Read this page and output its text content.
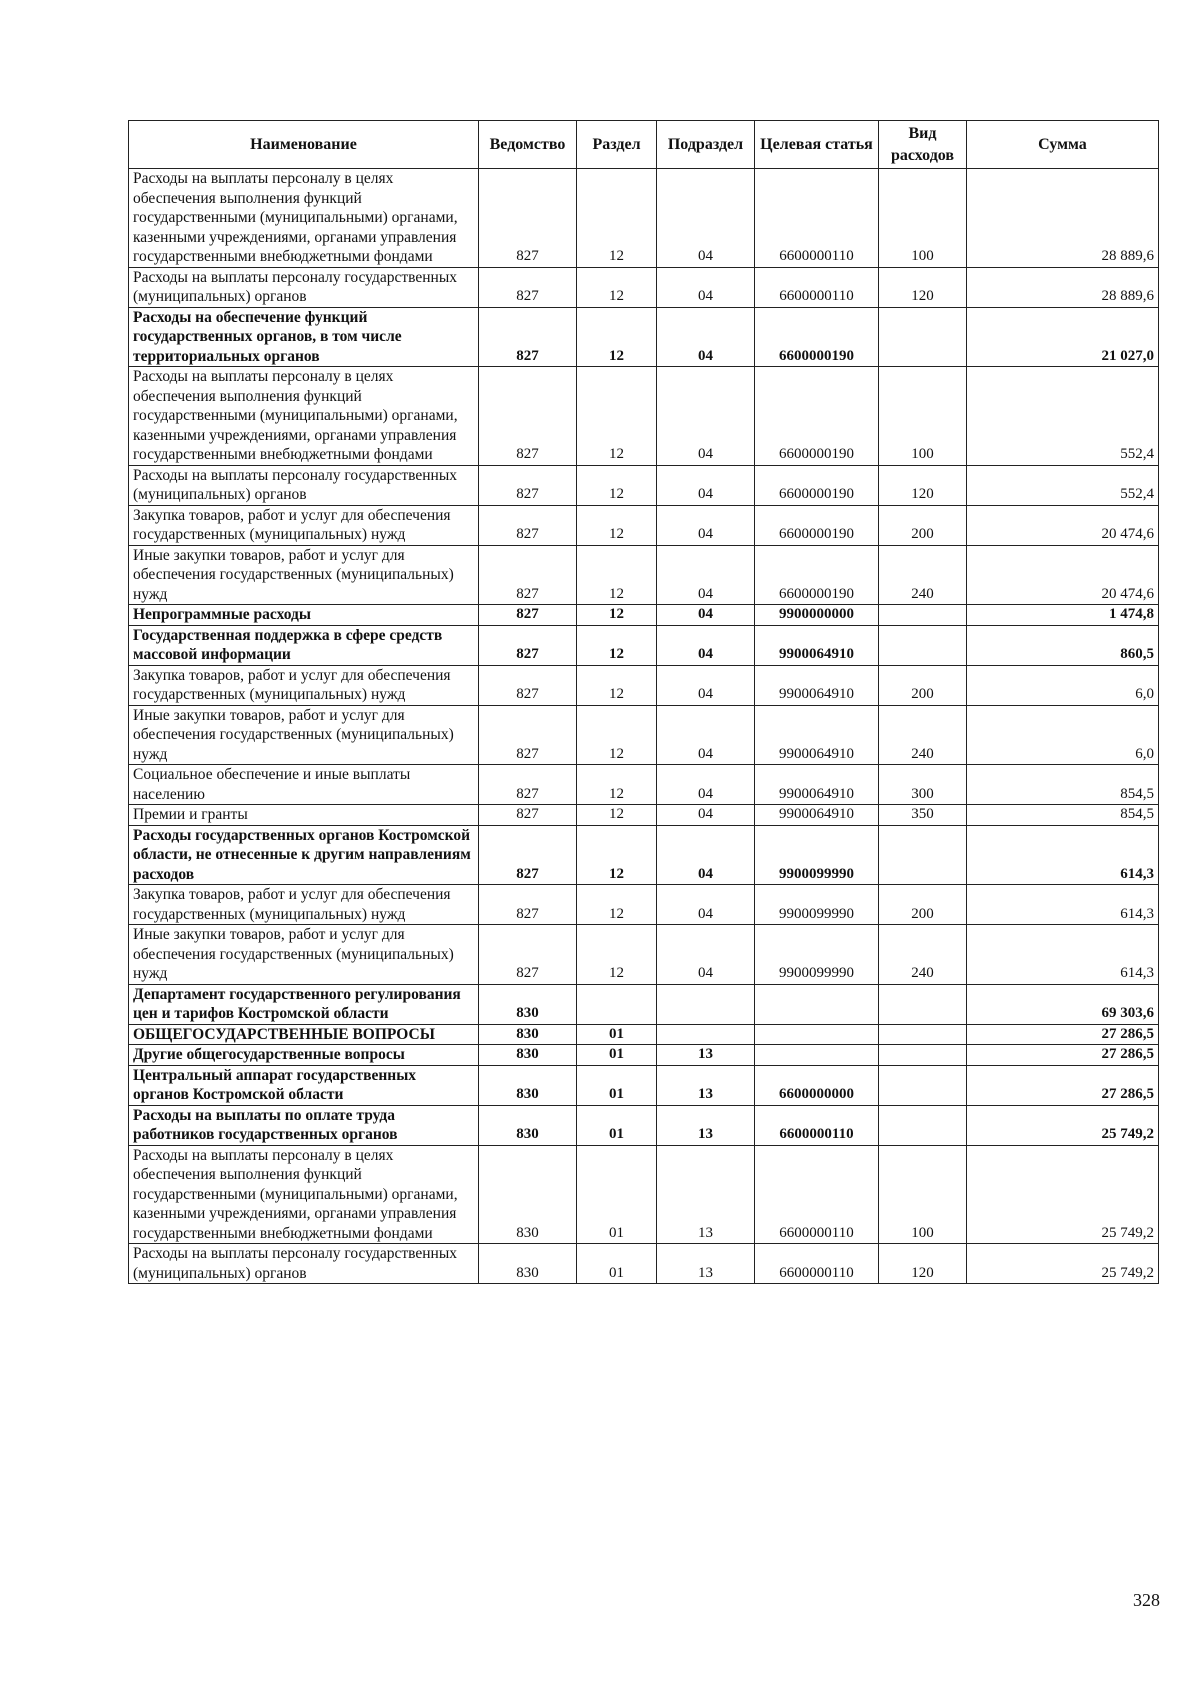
Наименование	Ведомство	Раздел	Подраздел	Целевая статья	Вид расходов	Сумма
Расходы на выплаты персоналу в целях обеспечения выполнения функций государственными (муниципальными) органами, казенными учреждениями, органами управления государственными внебюджетными фондами	827	12	04	6600000110	100	28 889,6
Расходы на выплаты персоналу государственных (муниципальных) органов	827	12	04	6600000110	120	28 889,6
Расходы на обеспечение функций государственных органов, в том числе территориальных органов	827	12	04	6600000190		21 027,0
Расходы на выплаты персоналу в целях обеспечения выполнения функций государственными (муниципальными) органами, казенными учреждениями, органами управления государственными внебюджетными фондами	827	12	04	6600000190	100	552,4
Расходы на выплаты персоналу государственных (муниципальных) органов	827	12	04	6600000190	120	552,4
Закупка товаров, работ и услуг для обеспечения государственных (муниципальных) нужд	827	12	04	6600000190	200	20 474,6
Иные закупки товаров, работ и услуг для обеспечения государственных (муниципальных) нужд	827	12	04	6600000190	240	20 474,6
Непрограммные расходы	827	12	04	9900000000		1 474,8
Государственная поддержка в сфере средств массовой информации	827	12	04	9900064910		860,5
Закупка товаров, работ и услуг для обеспечения государственных (муниципальных) нужд	827	12	04	9900064910	200	6,0
Иные закупки товаров, работ и услуг для обеспечения государственных (муниципальных) нужд	827	12	04	9900064910	240	6,0
Социальное обеспечение и иные выплаты населению	827	12	04	9900064910	300	854,5
Премии и гранты	827	12	04	9900064910	350	854,5
Расходы государственных органов Костромской области, не отнесенные к другим направлениям расходов	827	12	04	9900099990		614,3
Закупка товаров, работ и услуг для обеспечения государственных (муниципальных) нужд	827	12	04	9900099990	200	614,3
Иные закупки товаров, работ и услуг для обеспечения государственных (муниципальных) нужд	827	12	04	9900099990	240	614,3
Департамент государственного регулирования цен и тарифов Костромской области	830					69 303,6
ОБЩЕГОСУДАРСТВЕННЫЕ ВОПРОСЫ	830	01				27 286,5
Другие общегосударственные вопросы	830	01	13			27 286,5
Центральный аппарат государственных органов Костромской области	830	01	13	6600000000		27 286,5
Расходы на выплаты по оплате труда работников государственных органов	830	01	13	6600000110		25 749,2
Расходы на выплаты персоналу в целях обеспечения выполнения функций государственными (муниципальными) органами, казенными учреждениями, органами управления государственными внебюджетными фондами	830	01	13	6600000110	100	25 749,2
Расходы на выплаты персоналу государственных (муниципальных) органов	830	01	13	6600000110	120	25 749,2
328
